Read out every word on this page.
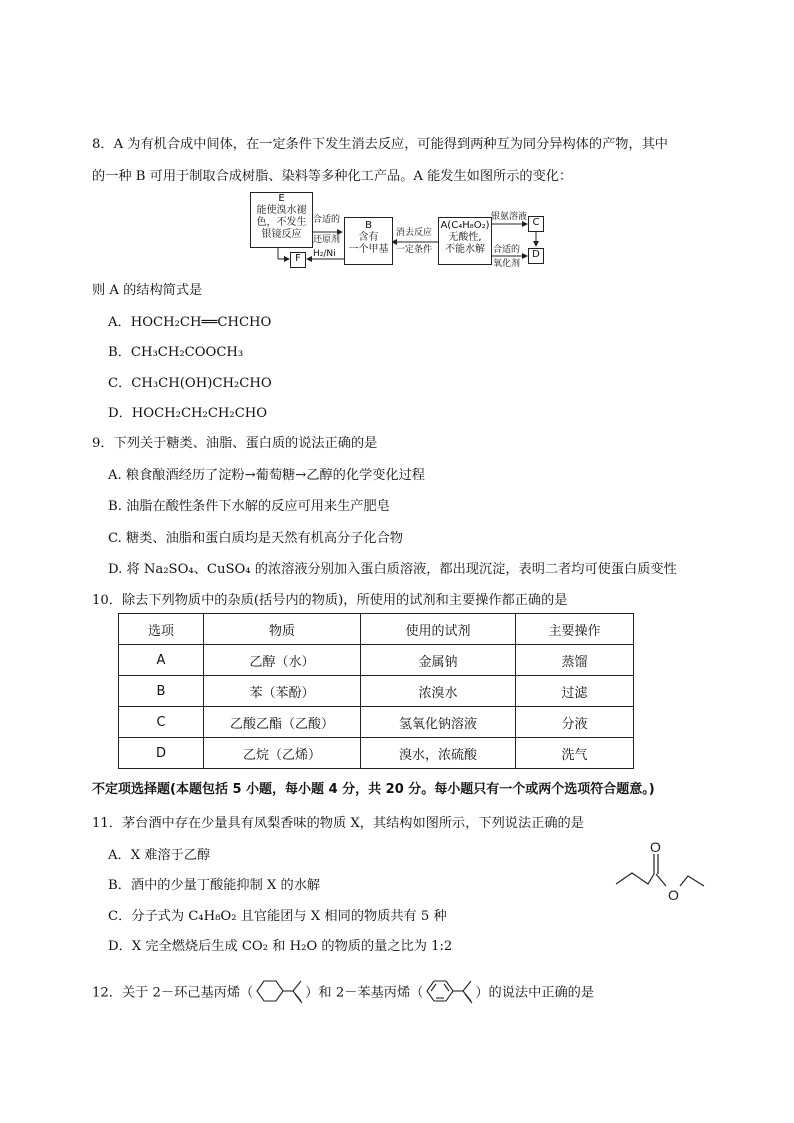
8．A 为有机合成中间体，在一定条件下发生消去反应，可能得到两种互为同分异构体的产物，其中
的一种 B 可用于制取合成树脂、染料等多种化工产品。A 能发生如图所示的变化：
E
能使溴水褪
色，不发生
银镜反应
F
B
含有
一个甲基
A(C₄H₈O₂)
无酸性,
不能水解
C
D
合适的
还原剂
H₂/Ni
消去反应
一定条件
银氨溶液
合适的
氧化剂
则 A 的结构简式是
A．HOCH₂CH══CHCHO
B．CH₃CH₂COOCH₃
C．CH₃CH(OH)CH₂CHO
D．HOCH₂CH₂CH₂CHO
9．下列关于糖类、油脂、蛋白质的说法正确的是
A. 粮食酿酒经历了淀粉→葡萄糖→乙醇的化学变化过程
B. 油脂在酸性条件下水解的反应可用来生产肥皂
C. 糖类、油脂和蛋白质均是天然有机高分子化合物
D. 将 Na₂SO₄、CuSO₄ 的浓溶液分别加入蛋白质溶液，都出现沉淀，表明二者均可使蛋白质变性
10．除去下列物质中的杂质(括号内的物质)，所使用的试剂和主要操作都正确的是
选项	物质	使用的试剂	主要操作
A	乙醇（水）	金属钠	蒸馏
B	苯（苯酚）	浓溴水	过滤
C	乙酸乙酯（乙酸）	氢氧化钠溶液	分液
D	乙烷（乙烯）	溴水，浓硫酸	洗气
不定项选择题(本题包括 5 小题，每小题 4 分，共 20 分。每小题只有一个或两个选项符合题意。)
11．茅台酒中存在少量具有凤梨香味的物质 X，其结构如图所示，下列说法正确的是
O
O
A．X 难溶于乙醇
B．酒中的少量丁酸能抑制 X 的水解
C．分子式为 C₄H₈O₂ 且官能团与 X 相同的物质共有 5 种
D．X 完全燃烧后生成 CO₂ 和 H₂O 的物质的量之比为 1:2
12．关于 2－环己基丙烯（	）和 2－苯基丙烯（	）的说法中正确的是
